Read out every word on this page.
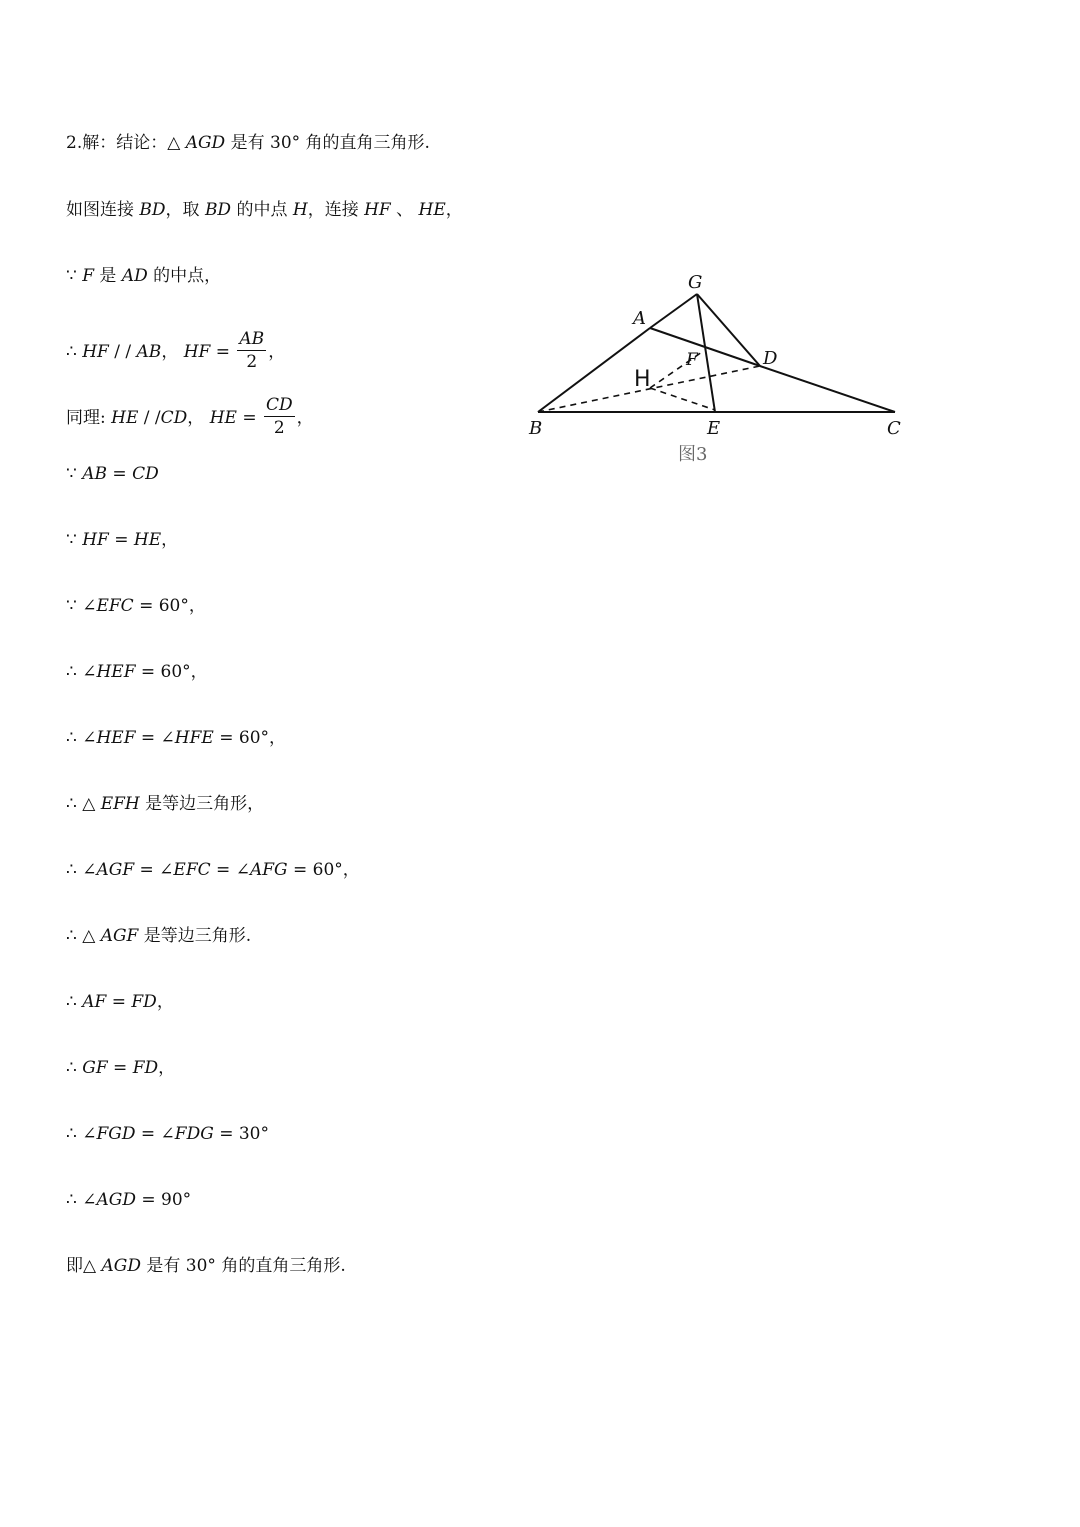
2.解：结论：△ AGD 是有 30° 角的直角三角形.
如图连接 BD，取 BD 的中点 H，连接 HF 、 HE，
∵ F 是 AD 的中点，
∴ HF / / AB， HF = $\frac{AB}{2}$ ，
同理: HE / /CD， HE = $\frac{CD}{2}$ ，
∵ AB = CD
∵ HF = HE，
∵ ∠EFC = 60°，
∴ ∠HEF = 60°，
∴ ∠HEF = ∠HFE = 60°，
∴ △ EFH 是等边三角形，
∴ ∠AGF = ∠EFC = ∠AFG = 60°，
∴ △ AGF 是等边三角形.
∴ AF = FD，
∴ GF = FD，
∴ ∠FGD = ∠FDG = 30°
∴ ∠AGD = 90°
即△ AGD 是有 30° 角的直角三角形.
G
A
F	D
H
B	E	C
图3
